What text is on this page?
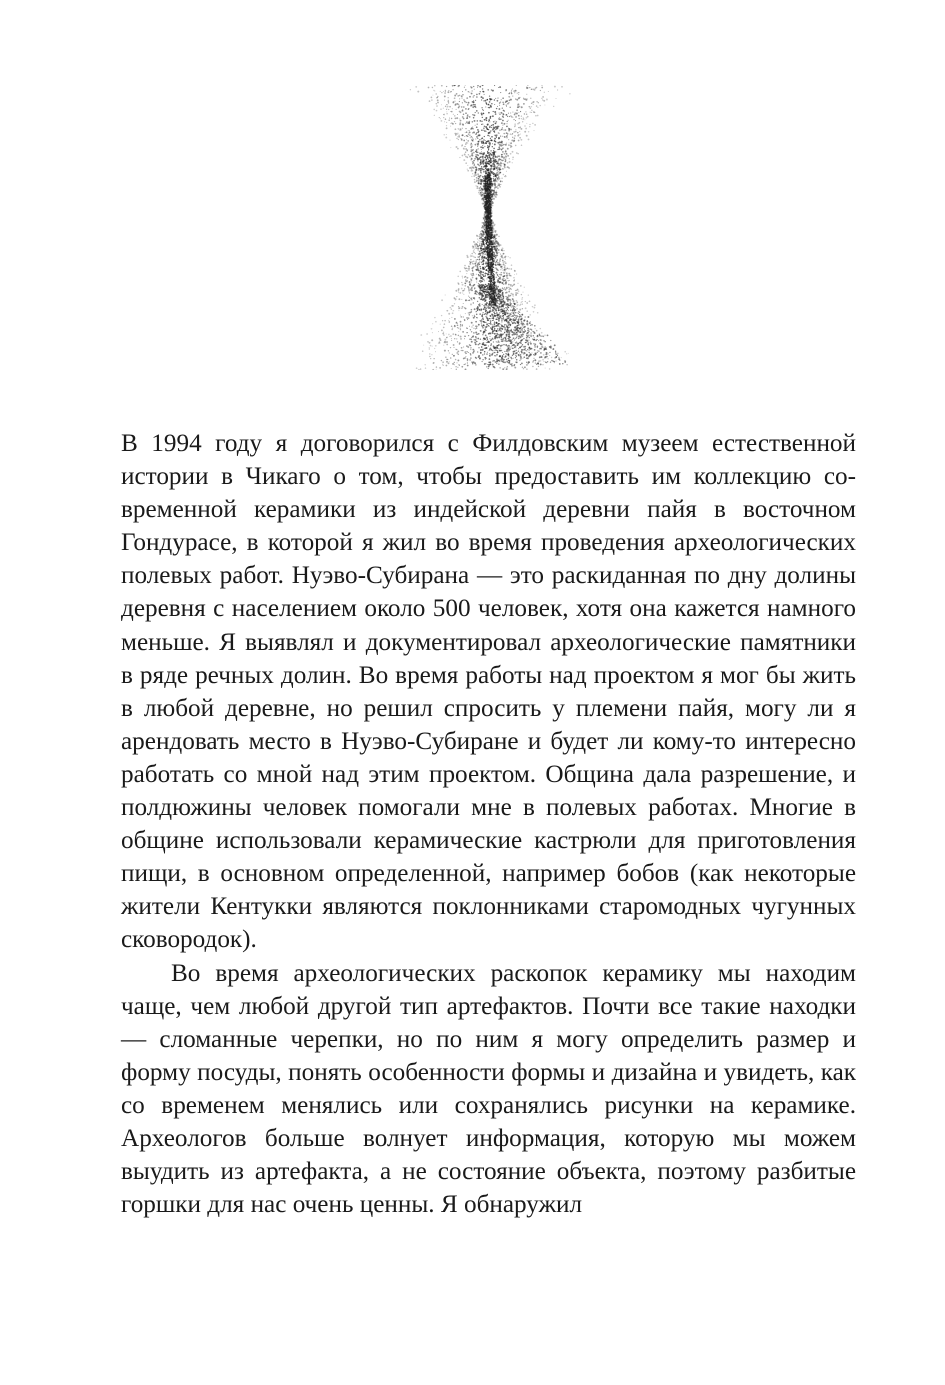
В 1994 году я договорился с Филдовским музеем естественной истории в Чикаго о том, чтобы предоставить им коллекцию современной керамики из индейской деревни пайя в восточном Гондурасе, в которой я жил во время проведения археологических полевых работ. Нуэво-Субирана — это раскиданная по дну долины деревня с населением около 500 человек, хотя она кажется намного меньше. Я выявлял и документировал археологические памятники в ряде речных долин. Во время работы над проектом я мог бы жить в любой деревне, но решил спросить у племени пайя, могу ли я арендовать место в Нуэво-Субиране и будет ли кому-то интересно работать со мной над этим проектом. Община дала разрешение, и полдюжины человек помогали мне в полевых работах. Многие в общине использовали керамические кастрюли для приготовления пищи, в основном определенной, например бобов (как некоторые жители Кентукки являются поклонниками старомодных чугунных сковородок).

Во время археологических раскопок керамику мы находим чаще, чем любой другой тип артефактов. Почти все такие находки — сломанные черепки, но по ним я могу определить размер и форму посуды, понять особенности формы и дизайна и увидеть, как со временем менялись или сохранялись рисунки на керамике. Археологов больше волнует информация, которую мы можем выудить из артефакта, а не состояние объекта, поэтому разбитые горшки для нас очень ценны. Я обнаружил
